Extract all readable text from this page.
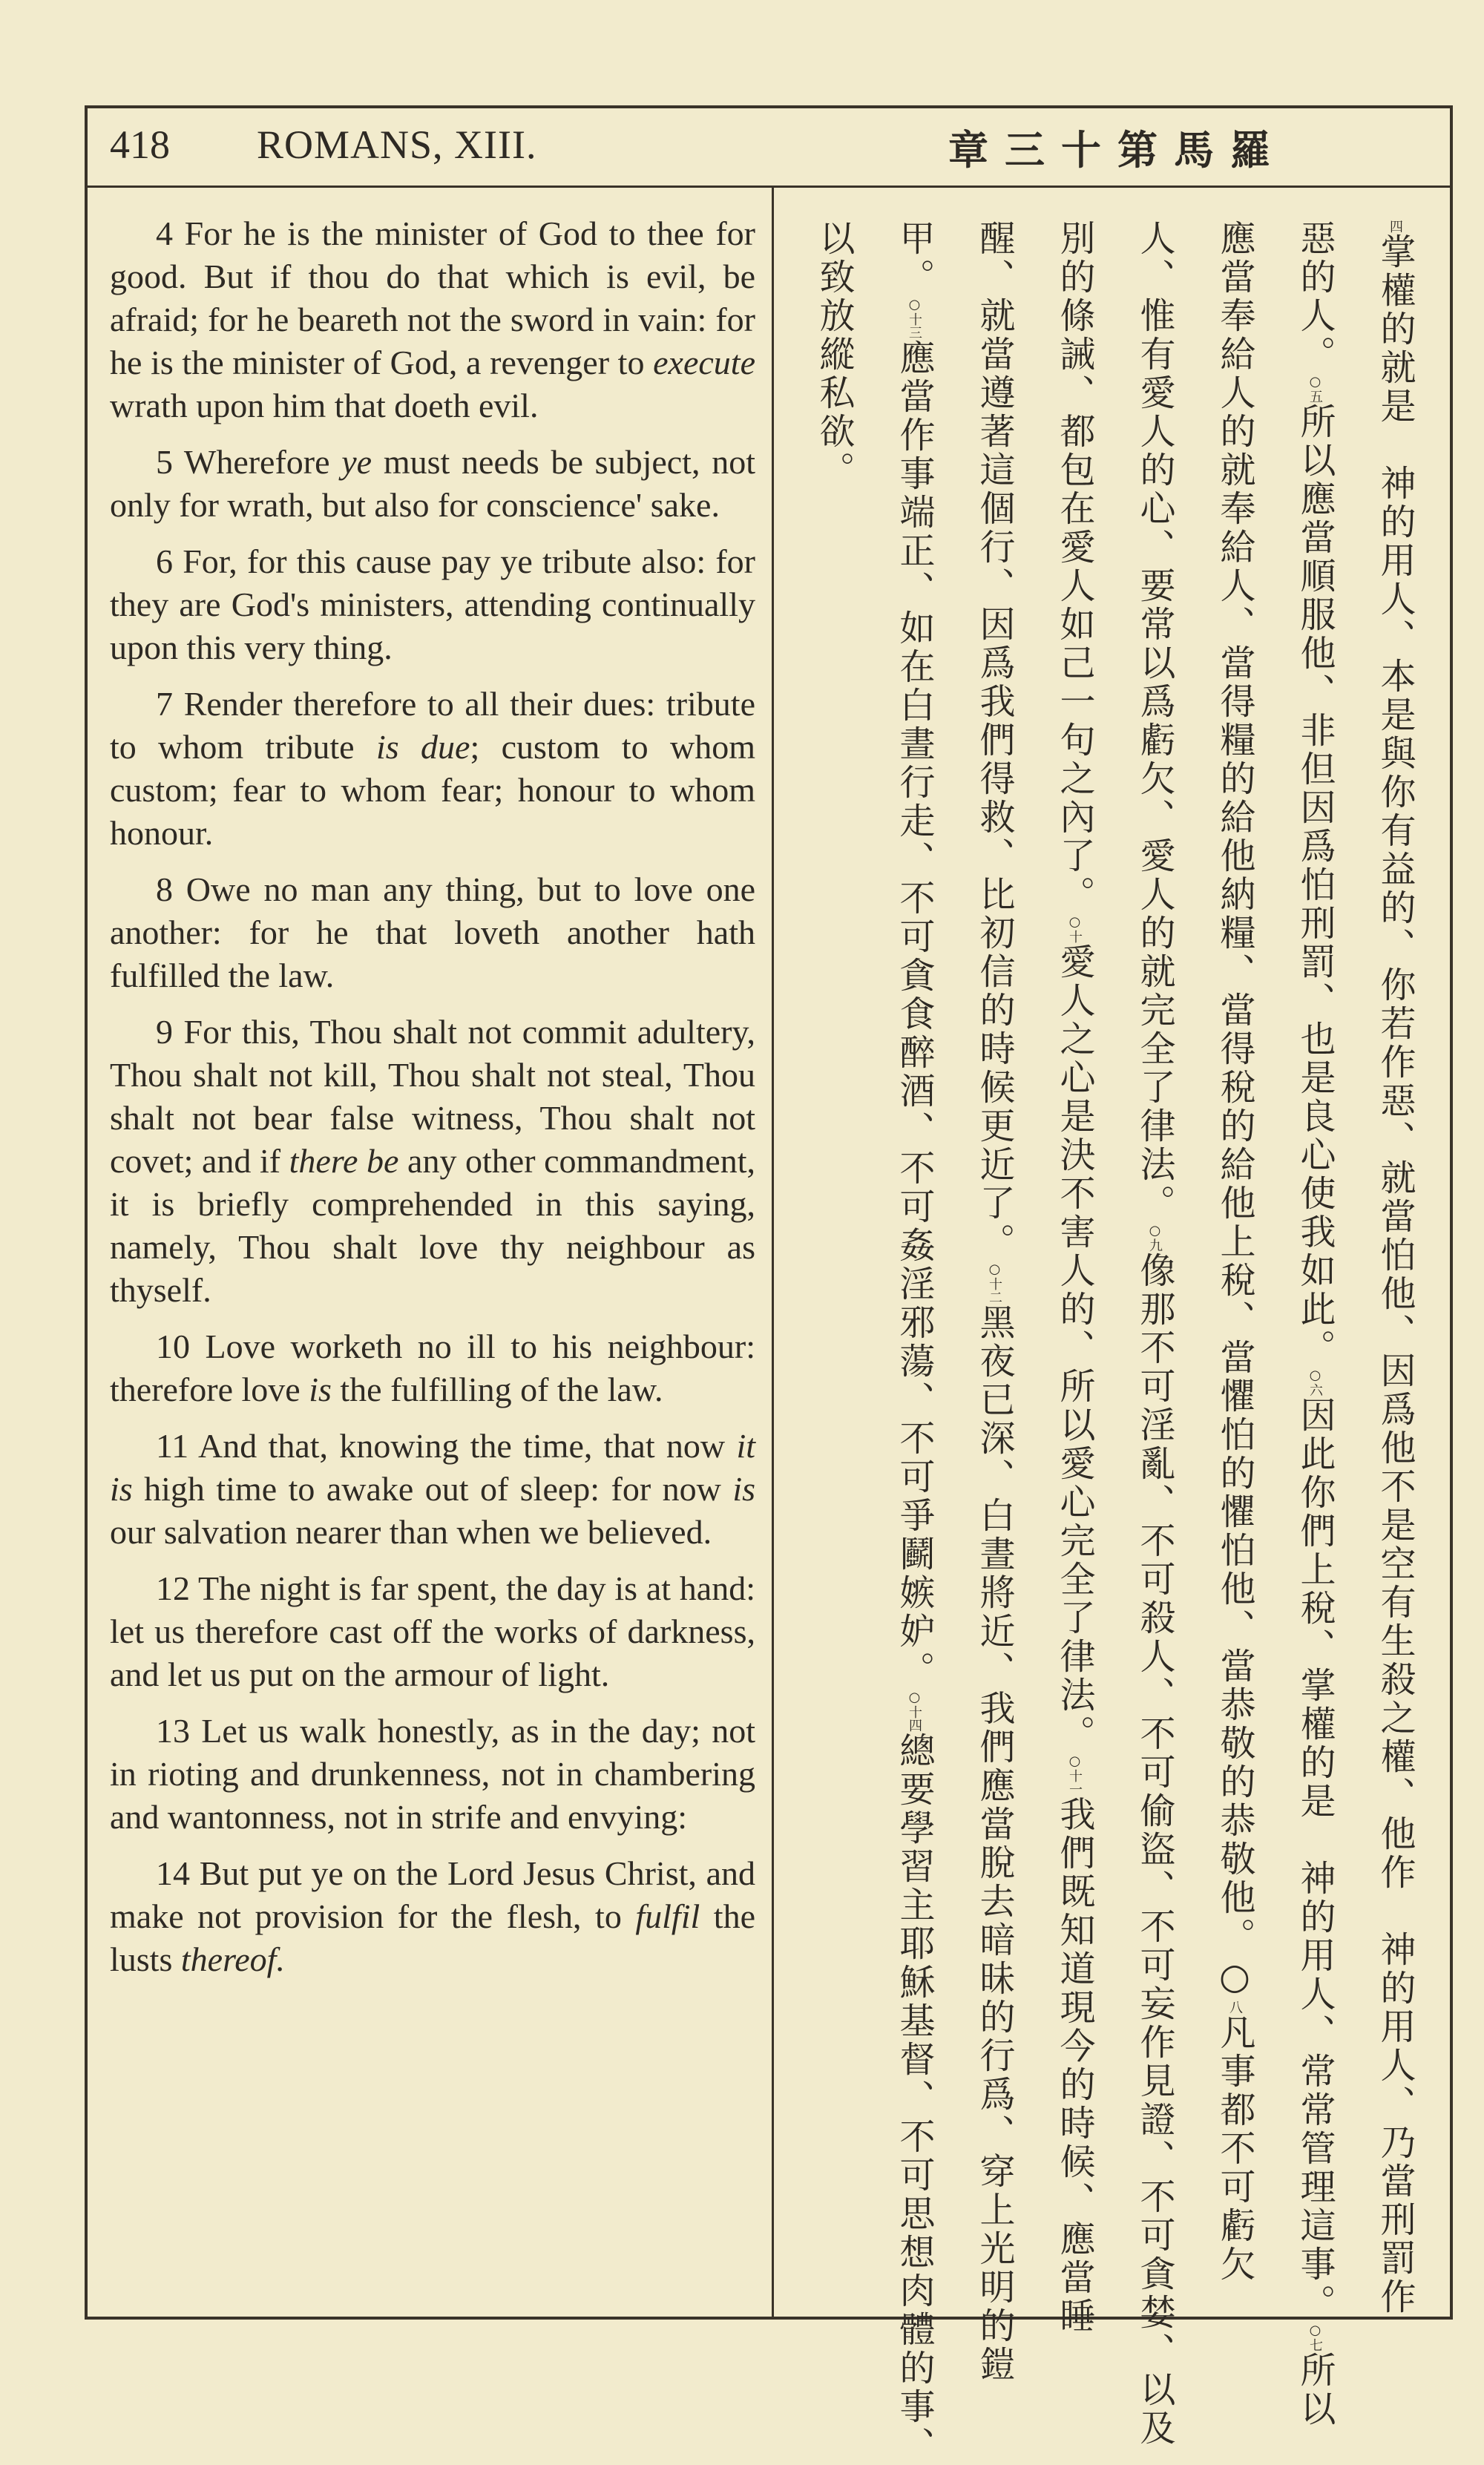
418 ROMANS, XIII.	羅馬第十三章

4 For he is the minister of God to thee for good. But if thou do that which is evil, be afraid; for he beareth not the sword in vain: for he is the minister of God, a revenger to execute wrath upon him that doeth evil.

5 Wherefore ye must needs be subject, not only for wrath, but also for conscience' sake.

6 For, for this cause pay ye tribute also: for they are God's ministers, attending continually upon this very thing.

7 Render therefore to all their dues: tribute to whom tribute is due; custom to whom custom; fear to whom fear; honour to whom honour.

8 Owe no man any thing, but to love one another: for he that loveth another hath fulfilled the law.

9 For this, Thou shalt not commit adultery, Thou shalt not kill, Thou shalt not steal, Thou shalt not bear false witness, Thou shalt not covet; and if there be any other commandment, it is briefly comprehended in this saying, namely, Thou shalt love thy neighbour as thyself.

10 Love worketh no ill to his neighbour: therefore love is the fulfilling of the law.

11 And that, knowing the time, that now it is high time to awake out of sleep: for now is our salvation nearer than when we believed.

12 The night is far spent, the day is at hand: let us therefore cast off the works of darkness, and let us put on the armour of light.

13 Let us walk honestly, as in the day; not in rioting and drunkenness, not in chambering and wantonness, not in strife and envying:

14 But put ye on the Lord Jesus Christ, and make not provision for the flesh, to fulfil the lusts thereof.

$^四$掌權的就是　神的用人、本是與你有益的、你若作惡、就當怕他、因爲他不是空有生殺之權、他作　神的用人、乃當刑罰作
惡的人。$^{○五}$所以應當順服他、非但因爲怕刑罰、也是良心使我如此。$^{○六}$因此你們上稅、掌權的是　神的用人、常常管理這事。$^{○七}$所以
應當奉給人的就奉給人、當得糧的給他納糧、當得稅的給他上稅、當懼怕的懼怕他、當恭敬的恭敬他。○$^八$凡事都不可虧欠
人、惟有愛人的心、要常以爲虧欠、愛人的就完全了律法。$^{○九}$像那不可淫亂、不可殺人、不可偷盜、不可妄作見證、不可貪婪、以及
別的條誡、都包在愛人如己一句之內了。$^{○十}$愛人之心是決不害人的、所以愛心完全了律法。$^{○十一}$我們既知道現今的時候、應當睡
醒、就當遵著這個行、因爲我們得救、比初信的時候更近了。$^{○十二}$黑夜已深、白晝將近、我們應當脫去暗昧的行爲、穿上光明的鎧
甲。$^{○十三}$應當作事端正、如在白晝行走、不可貪食醉酒、不可姦淫邪蕩、不可爭鬬嫉妒。$^{○十四}$總要學習主耶穌基督、不可思想肉體的事、
以致放縱私欲。
